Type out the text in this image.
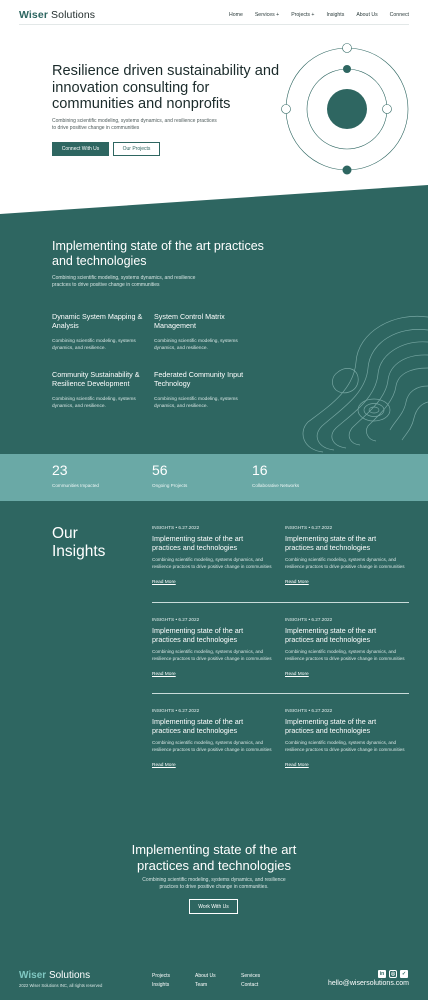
Wiser Solutions	Home Services + Projects + Insights About Us Connect
Resilience driven sustainability and innovation consulting for communities and nonprofits
Combining scientific modeling, systems dynamics, and resilience practices to drive positive change in communities
Connect With Us	Our Projects
Implementing state of the art practices and technologies
Combining scientific modeling, systems dynamics, and resilience practces to drive positive change in communities
Dynamic System Mapping & Analysis
Combining scientific modeling, systems dynamics, and resilience.
System Control Matrix Management
Combining scientific modeling, systems dynamics, and resilience.
Community Sustainability & Resilience Development
Combining scientific modeling, systems dynamics, and resilience.
Federated Community Input Technology
Combining scientific modeling, systems dynamics, and resilience.
23
Communities Impacted
56
Ongoing Projects
16
Collaborative Networks
Our Insights
INSIGHTS • 6.27.2022
Implementing state of the art practices and technologies
Combining scientific modeling, systems dynamics, and resilience practces to drive positive change in communities
Read More
INSIGHTS • 6.27.2022
Implementing state of the art practices and technologies
Combining scientific modeling, systems dynamics, and resilience practces to drive positive change in communities
Read More
INSIGHTS • 6.27.2022
Implementing state of the art practices and technologies
Combining scientific modeling, systems dynamics, and resilience practces to drive positive change in communities
Read More
INSIGHTS • 6.27.2022
Implementing state of the art practices and technologies
Combining scientific modeling, systems dynamics, and resilience practces to drive positive change in communities
Read More
INSIGHTS • 6.27.2022
Implementing state of the art practices and technologies
Combining scientific modeling, systems dynamics, and resilience practces to drive positive change in communities
Read More
INSIGHTS • 6.27.2022
Implementing state of the art practices and technologies
Combining scientific modeling, systems dynamics, and resilience practces to drive positive change in communities
Read More
Implementing state of the art practices and technologies
Combining scientific modeling, systems dynamics, and resilience practces to drive positive change in communities.
Work With Us
Wiser Solutions
2022 Wiser Solutions INC, all rights reserved
Projects
Insights
About Us
Team
Services
Contact
in	◎	✓
hello@wisersolutions.com
